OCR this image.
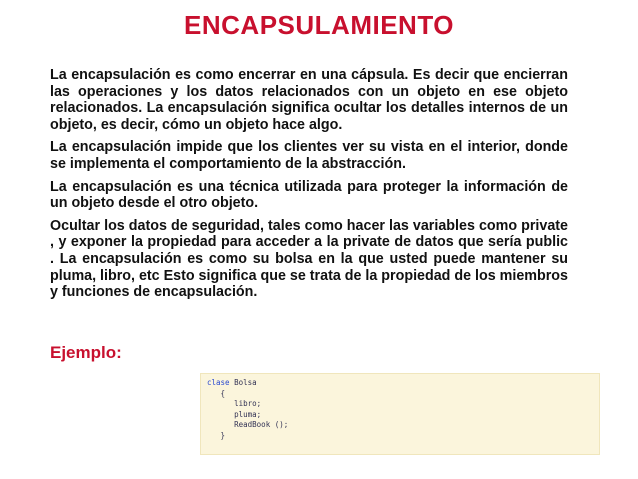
ENCAPSULAMIENTO

La encapsulación es como encerrar en una cápsula. Es decir que encierran las operaciones y los datos relacionados con un objeto en ese objeto relacionados. La encapsulación significa ocultar los detalles internos de un objeto, es decir, cómo un objeto hace algo.

La encapsulación impide que los clientes ver su vista en el interior, donde se implementa el comportamiento de la abstracción.

La encapsulación es una técnica utilizada para proteger la información de un objeto desde el otro objeto.

Ocultar los datos de seguridad, tales como hacer las variables como private , y exponer la propiedad para acceder a la private de datos que sería public . La encapsulación es como su bolsa en la que usted puede mantener su pluma, libro, etc Esto significa que se trata de la propiedad de los miembros y funciones de encapsulación.

Ejemplo:
clase Bolsa
{
libro;
pluma;
ReadBook ();
}
